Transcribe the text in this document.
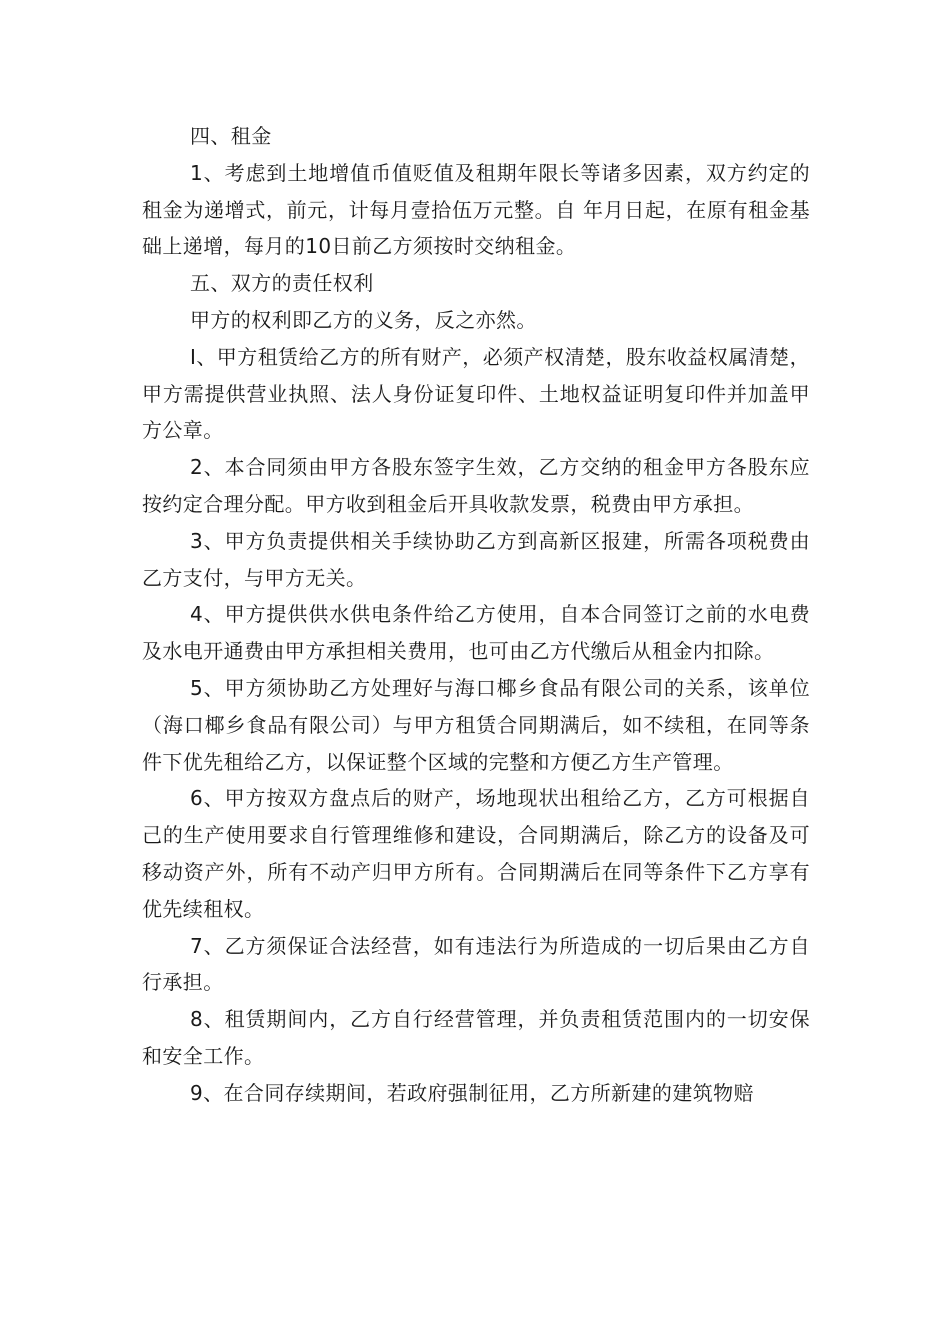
四、租金

1、考虑到土地增值币值贬值及租期年限长等诸多因素，双方约定的租金为递增式，前元，计每月壹拾伍万元整。自 年月日起，在原有租金基础上递增，每月的10日前乙方须按时交纳租金。

五、双方的责任权利

甲方的权利即乙方的义务，反之亦然。

I、甲方租赁给乙方的所有财产，必须产权清楚，股东收益权属清楚，甲方需提供营业执照、法人身份证复印件、土地权益证明复印件并加盖甲方公章。

2、本合同须由甲方各股东签字生效，乙方交纳的租金甲方各股东应按约定合理分配。甲方收到租金后开具收款发票，税费由甲方承担。

3、甲方负责提供相关手续协助乙方到高新区报建，所需各项税费由乙方支付，与甲方无关。

4、甲方提供供水供电条件给乙方使用，自本合同签订之前的水电费及水电开通费由甲方承担相关费用，也可由乙方代缴后从租金内扣除。

5、甲方须协助乙方处理好与海口椰乡食品有限公司的关系，该单位（海口椰乡食品有限公司）与甲方租赁合同期满后，如不续租，在同等条件下优先租给乙方，以保证整个区域的完整和方便乙方生产管理。

6、甲方按双方盘点后的财产，场地现状出租给乙方，乙方可根据自己的生产使用要求自行管理维修和建设，合同期满后，除乙方的设备及可移动资产外，所有不动产归甲方所有。合同期满后在同等条件下乙方享有优先续租权。

7、乙方须保证合法经营，如有违法行为所造成的一切后果由乙方自行承担。

8、租赁期间内，乙方自行经营管理，并负责租赁范围内的一切安保和安全工作。

9、在合同存续期间，若政府强制征用，乙方所新建的建筑物赔
